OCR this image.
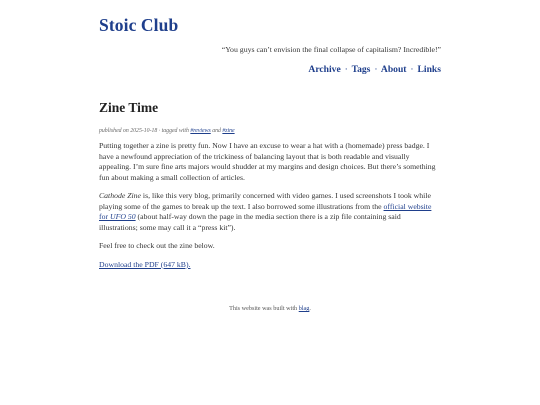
Stoic Club
“You guys can’t envision the final collapse of capitalism? Incredible!”
Archive · Tags · About · Links
Zine Time
published on 2025-10-18 · tagged with #reviews and #zine

Putting together a zine is pretty fun. Now I have an excuse to wear a hat with a (homemade) press badge. I have a newfound appreciation of the trickiness of balancing layout that is both readable and visually appealing. I’m sure fine arts majors would shudder at my margins and design choices. But there’s something fun about making a small collection of articles.

Cathode Zine is, like this very blog, primarily concerned with video games. I used screenshots I took while playing some of the games to break up the text. I also borrowed some illustrations from the official website for UFO 50 (about half-way down the page in the media section there is a zip file containing said illustrations; some may call it a “press kit”).

Feel free to check out the zine below.

Download the PDF (647 kB).

This website was built with blag.
